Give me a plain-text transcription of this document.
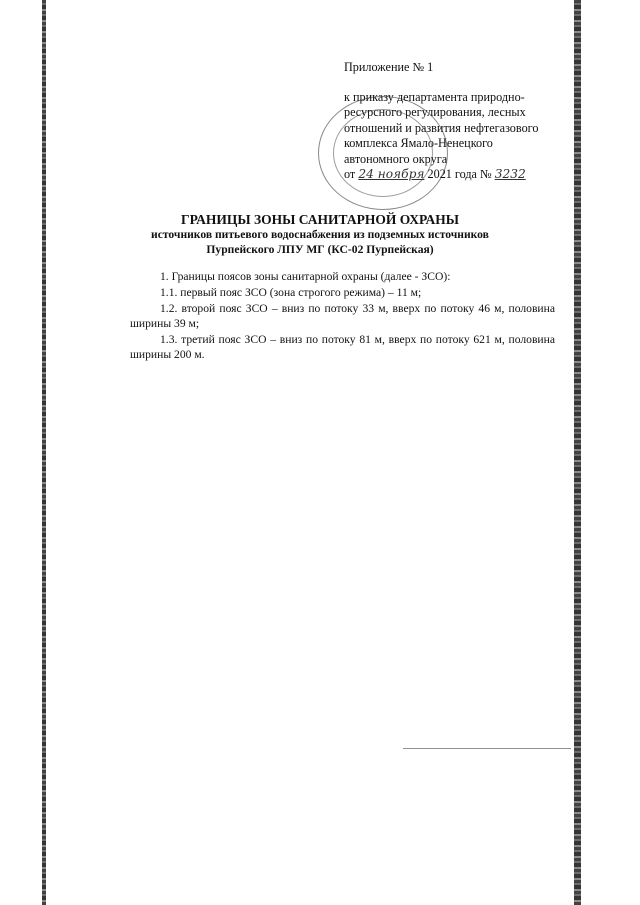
Приложение № 1
к приказу департамента природно-
ресурсного регулирования, лесных
отношений и развития нефтегазового
комплекса Ямало-Ненецкого
автономного округа
от 24 ноября 2021 года № 3232
ГРАНИЦЫ ЗОНЫ САНИТАРНОЙ ОХРАНЫ
источников питьевого водоснабжения из подземных источников
Пурпейского ЛПУ МГ (КС-02 Пурпейская)

1. Границы поясов зоны санитарной охраны (далее - ЗСО):

1.1. первый пояс ЗСО (зона строгого режима) – 11 м;

1.2. второй пояс ЗСО – вниз по потоку 33 м, вверх по потоку 46 м, половина ширины 39 м;

1.3. третий пояс ЗСО – вниз по потоку 81 м, вверх по потоку 621 м, половина ширины 200 м.
